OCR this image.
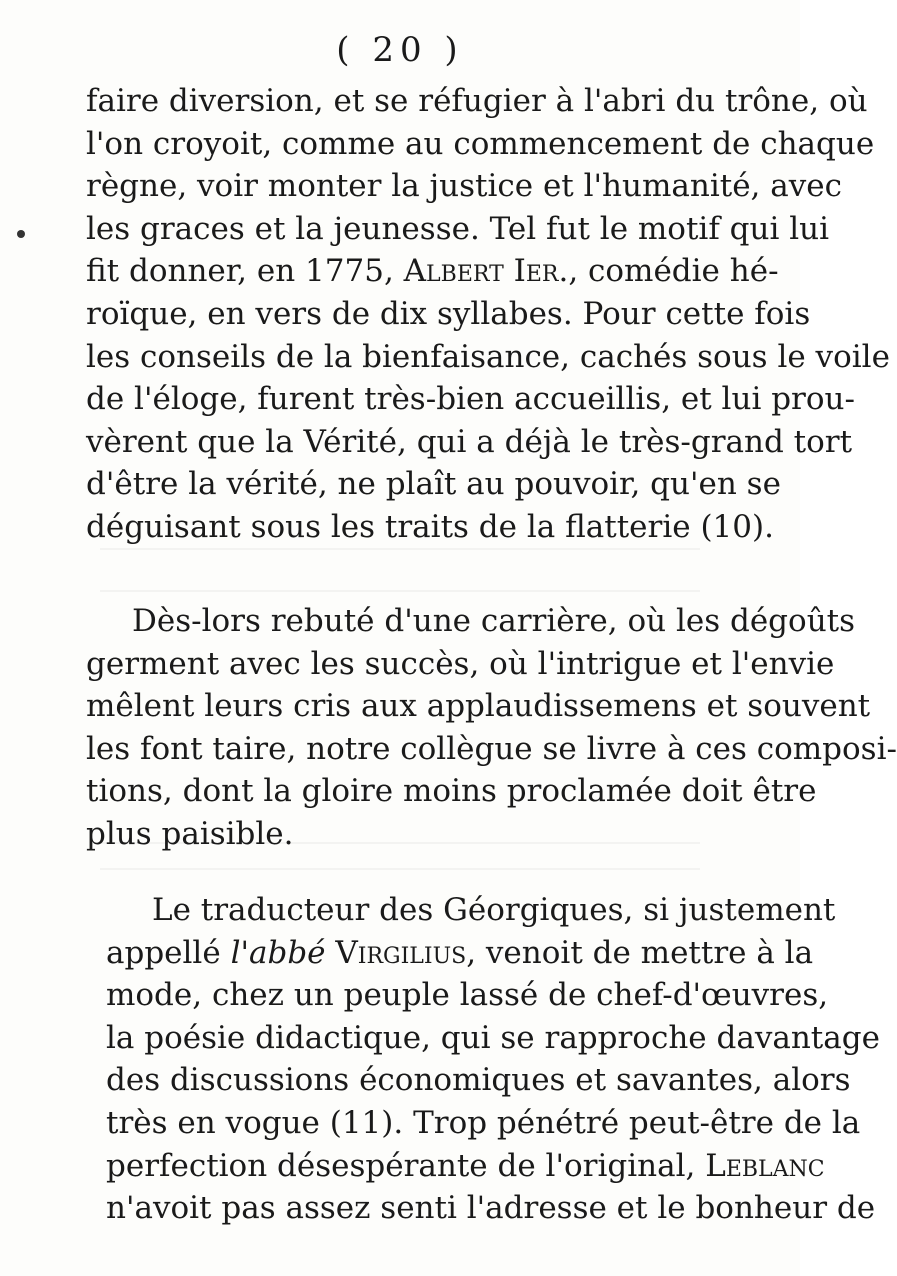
( 20 )
faire diversion, et se réfugier à l'abri du trône, où
l'on croyoit, comme au commencement de chaque
règne, voir monter la justice et l'humanité, avec
les graces et la jeunesse. Tel fut le motif qui lui
fit donner, en 1775, Albert Ier., comédie hé-
roïque, en vers de dix syllabes. Pour cette fois
les conseils de la bienfaisance, cachés sous le voile
de l'éloge, furent très-bien accueillis, et lui prou-
vèrent que la Vérité, qui a déjà le très-grand tort
d'être la vérité, ne plaît au pouvoir, qu'en se
déguisant sous les traits de la flatterie (10).
Dès-lors rebuté d'une carrière, où les dégoûts
germent avec les succès, où l'intrigue et l'envie
mêlent leurs cris aux applaudissemens et souvent
les font taire, notre collègue se livre à ces composi-
tions, dont la gloire moins proclamée doit être
plus paisible.
Le traducteur des Géorgiques, si justement
appellé l'abbé Virgilius, venoit de mettre à la
mode, chez un peuple lassé de chef-d'œuvres,
la poésie didactique, qui se rapproche davantage
des discussions économiques et savantes, alors
très en vogue (11). Trop pénétré peut-être de la
perfection désespérante de l'original, Leblanc
n'avoit pas assez senti l'adresse et le bonheur de
